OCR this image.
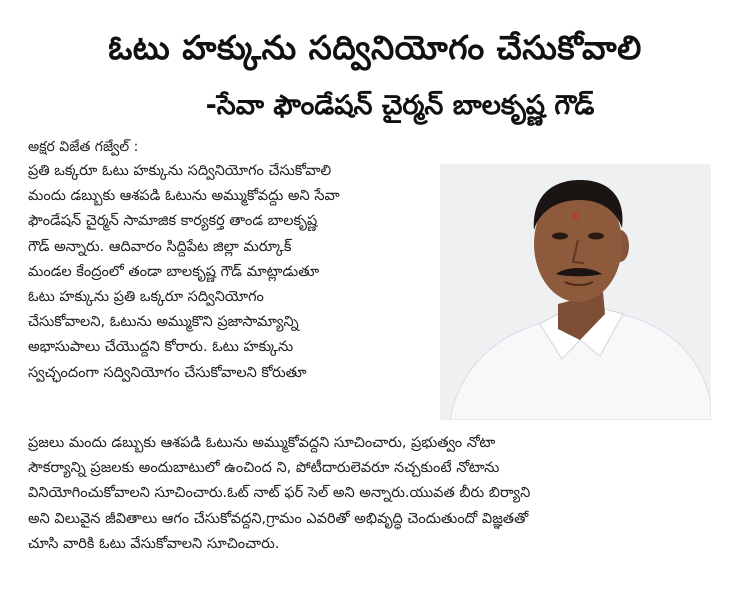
ఓటు హక్కును సద్వినియోగం చేసుకోవాలి
-సేవా ఫౌండేషన్ చైర్మన్ బాలకృష్ణ గౌడ్
అక్షర విజేత గజ్వేల్ :
ప్రతి ఒక్కరూ ఓటు హక్కును సద్వినియోగం చేసుకోవాలి
మందు డబ్బుకు ఆశపడి ఓటును అమ్ముకోవద్దు అని సేవా
ఫౌండేషన్ చైర్మన్ సామాజిక కార్యకర్త తాండ బాలకృష్ణ
గౌడ్ అన్నారు. ఆదివారం సిద్దిపేట జిల్లా మర్కూక్
మండల కేంద్రంలో తండా బాలకృష్ణ గౌడ్ మాట్లాడుతూ
ఓటు హక్కును ప్రతి ఒక్కరూ సద్వినియోగం
చేసుకోవాలని, ఓటును అమ్ముకొని ప్రజాసామ్యాన్ని
అభాసుపాలు చేయొద్దని కోరారు. ఓటు హక్కును
స్వచ్ఛందంగా సద్వినియోగం చేసుకోవాలని కోరుతూ
ప్రజలు మందు డబ్బుకు ఆశపడి ఓటును అమ్ముకోవద్దని సూచించారు, ప్రభుత్వం నోటా
సౌకర్యాన్ని ప్రజలకు అందుబాటులో ఉంచింద ని, పోటీదారులెవరూ నచ్చకుంటే నోటాను
వినియోగించుకోవాలని సూచించారు.ఓట్ నాట్ ఫర్ సెల్ అని అన్నారు.యువత బీరు బిర్యాని
అని విలువైన జీవితాలు ఆగం చేసుకోవద్దని,గ్రామం ఎవరితో అభివృద్ధి చెందుతుందో విజ్ఞతతో
చూసి వారికి ఓటు వేసుకోవాలని సూచించారు.
